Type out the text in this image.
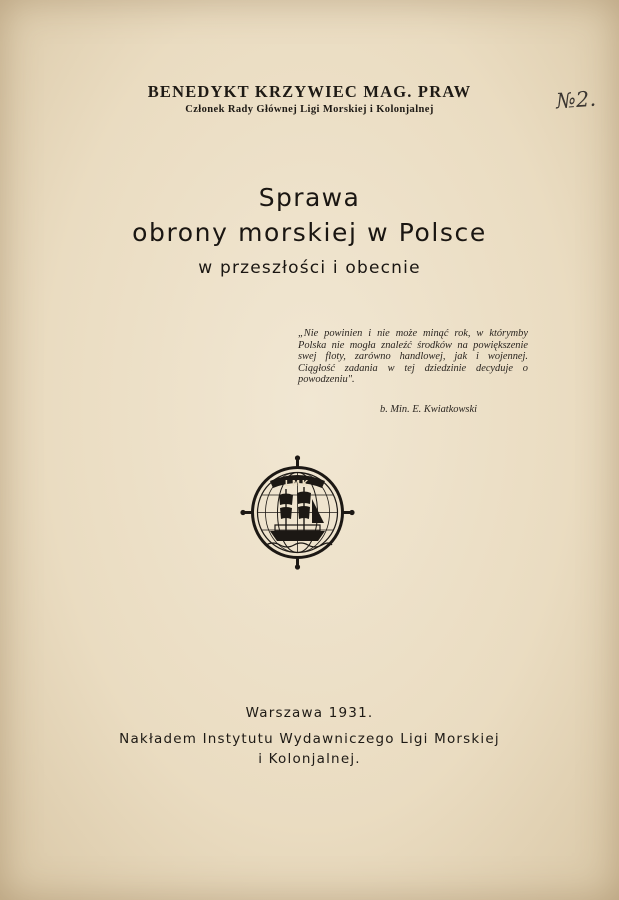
BENEDYKT KRZYWIEC MAG. PRAW
Członek Rady Głównej Ligi Morskiej i Kolonjalnej	№2.
Sprawa
obrony morskiej w Polsce
w przeszłości i obecnie
„Nie powinien i nie może minąć rok, w którymby Polska nie mogła znaleźć środków na powiększenie swej floty, zarówno handlowej, jak i wojennej. Ciągłość zadania w tej dziedzinie decyduje o powodzeniu".
b. Min. E. Kwiatkowski
LMK
Warszawa 1931.
Nakładem Instytutu Wydawniczego Ligi Morskiej
i Kolonjalnej.
